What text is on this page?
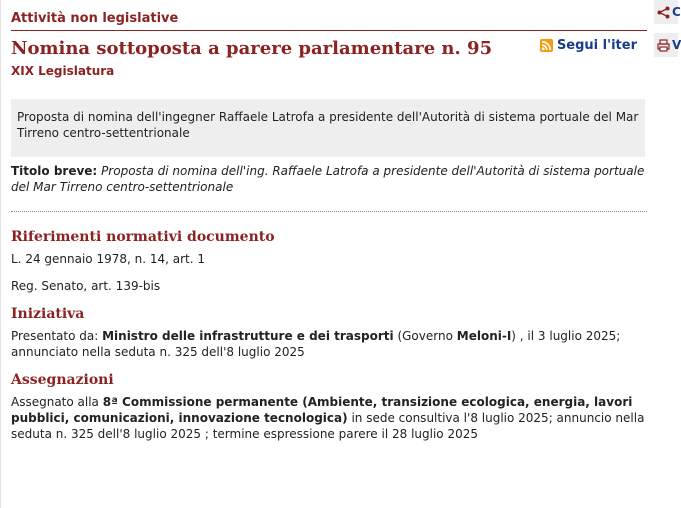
Attività non legislative
Nomina sottoposta a parere parlamentare n. 95
XIX Legislatura
Segui l'iter
Proposta di nomina dell'ingegner Raffaele Latrofa a presidente dell'Autorità di sistema portuale del Mar Tirreno centro-settentrionale
Titolo breve: Proposta di nomina dell'ing. Raffaele Latrofa a presidente dell'Autorità di sistema portuale del Mar Tirreno centro-settentrionale
Riferimenti normativi documento
L. 24 gennaio 1978, n. 14, art. 1
Reg. Senato, art. 139-bis
Iniziativa
Presentato da: Ministro delle infrastrutture e dei trasporti (Governo Meloni-I) , il 3 luglio 2025;
annunciato nella seduta n. 325 dell'8 luglio 2025
Assegnazioni
Assegnato alla 8ª Commissione permanente (Ambiente, transizione ecologica, energia, lavori
pubblici, comunicazioni, innovazione tecnologica) in sede consultiva l'8 luglio 2025; annuncio nella
seduta n. 325 dell'8 luglio 2025 ; termine espressione parere il 28 luglio 2025
C
V
